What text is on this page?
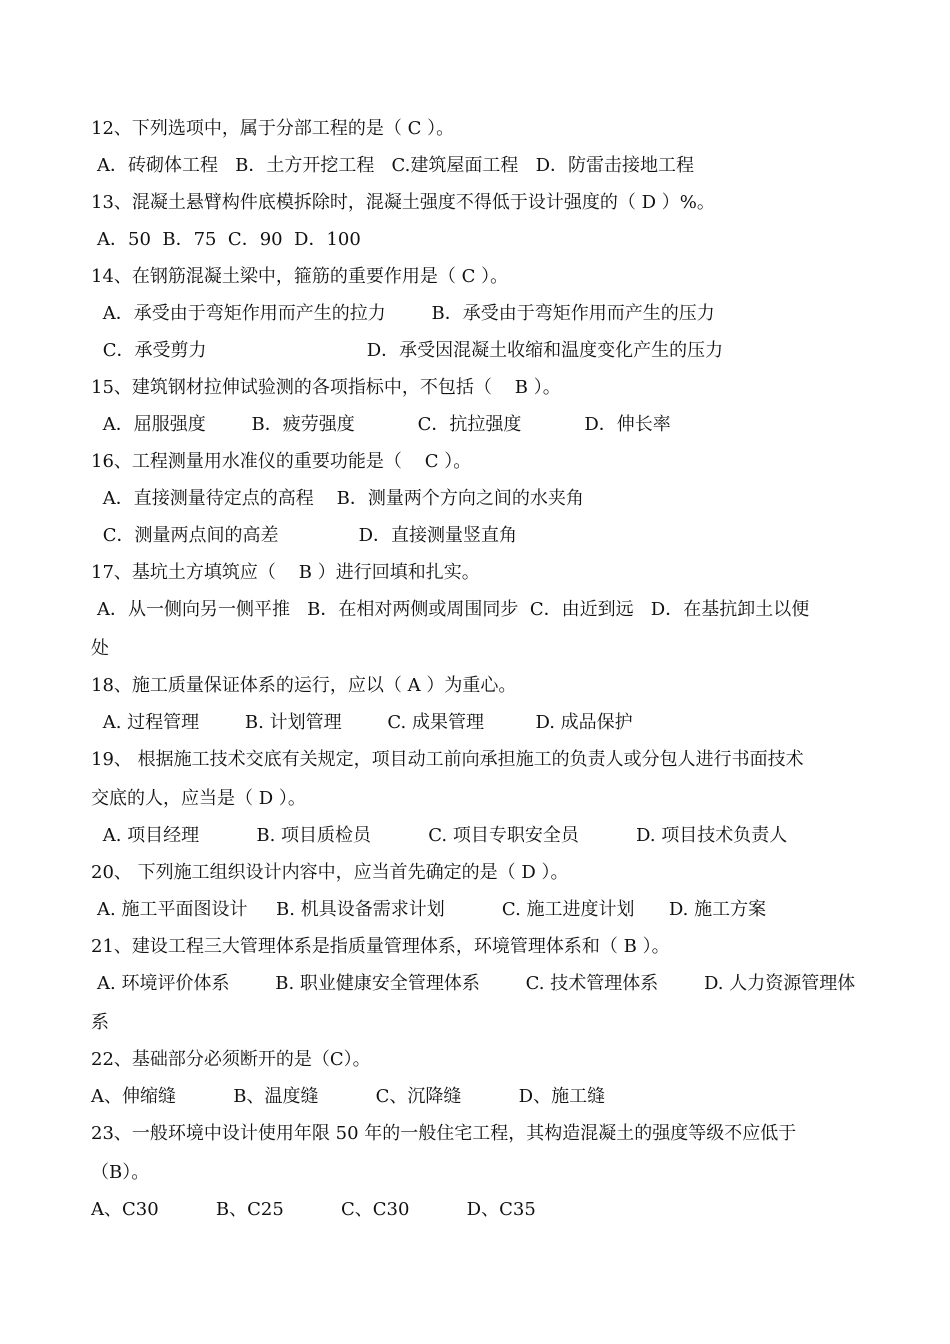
12、下列选项中，属于分部工程的是（ C ）。
A．砖砌体工程   B．土方开挖工程   C.建筑屋面工程   D．防雷击接地工程
13、混凝土悬臂构件底模拆除时，混凝土强度不得低于设计强度的（ D ）%。
A．50  B．75  C．90  D．100
14、在钢筋混凝土梁中，箍筋的重要作用是（ C ）。
A．承受由于弯矩作用而产生的拉力        B．承受由于弯矩作用而产生的压力
C．承受剪力                            D．承受因混凝土收缩和温度变化产生的压力
15、建筑钢材拉伸试验测的各项指标中，不包括（    B ）。
A．屈服强度        B．疲劳强度           C．抗拉强度           D．伸长率
16、工程测量用水准仪的重要功能是（    C ）。
A．直接测量待定点的高程    B．测量两个方向之间的水夹角
C．测量两点间的高差              D．直接测量竖直角
17、基坑土方填筑应（    B ）进行回填和扎实。
A．从一侧向另一侧平推   B．在相对两侧或周围同步  C．由近到远   D．在基抗卸土以便
处
18、施工质量保证体系的运行，应以（ A ）为重心。
A. 过程管理        B. 计划管理        C. 成果管理         D. 成品保护
19、 根据施工技术交底有关规定，项目动工前向承担施工的负责人或分包人进行书面技术
交底的人，应当是（ D ）。
A. 项目经理          B. 项目质检员          C. 项目专职安全员          D. 项目技术负责人
20、 下列施工组织设计内容中，应当首先确定的是（ D ）。
A. 施工平面图设计     B. 机具设备需求计划          C. 施工进度计划      D. 施工方案
21、建设工程三大管理体系是指质量管理体系，环境管理体系和（ B ）。
A. 环境评价体系        B. 职业健康安全管理体系        C. 技术管理体系        D. 人力资源管理体
系
22、基础部分必须断开的是（C）。
A、伸缩缝          B、温度缝          C、沉降缝          D、施工缝
23、一般环境中设计使用年限 50 年的一般住宅工程，其构造混凝土的强度等级不应低于
（B）。
A、C30          B、C25          C、C30          D、C35
